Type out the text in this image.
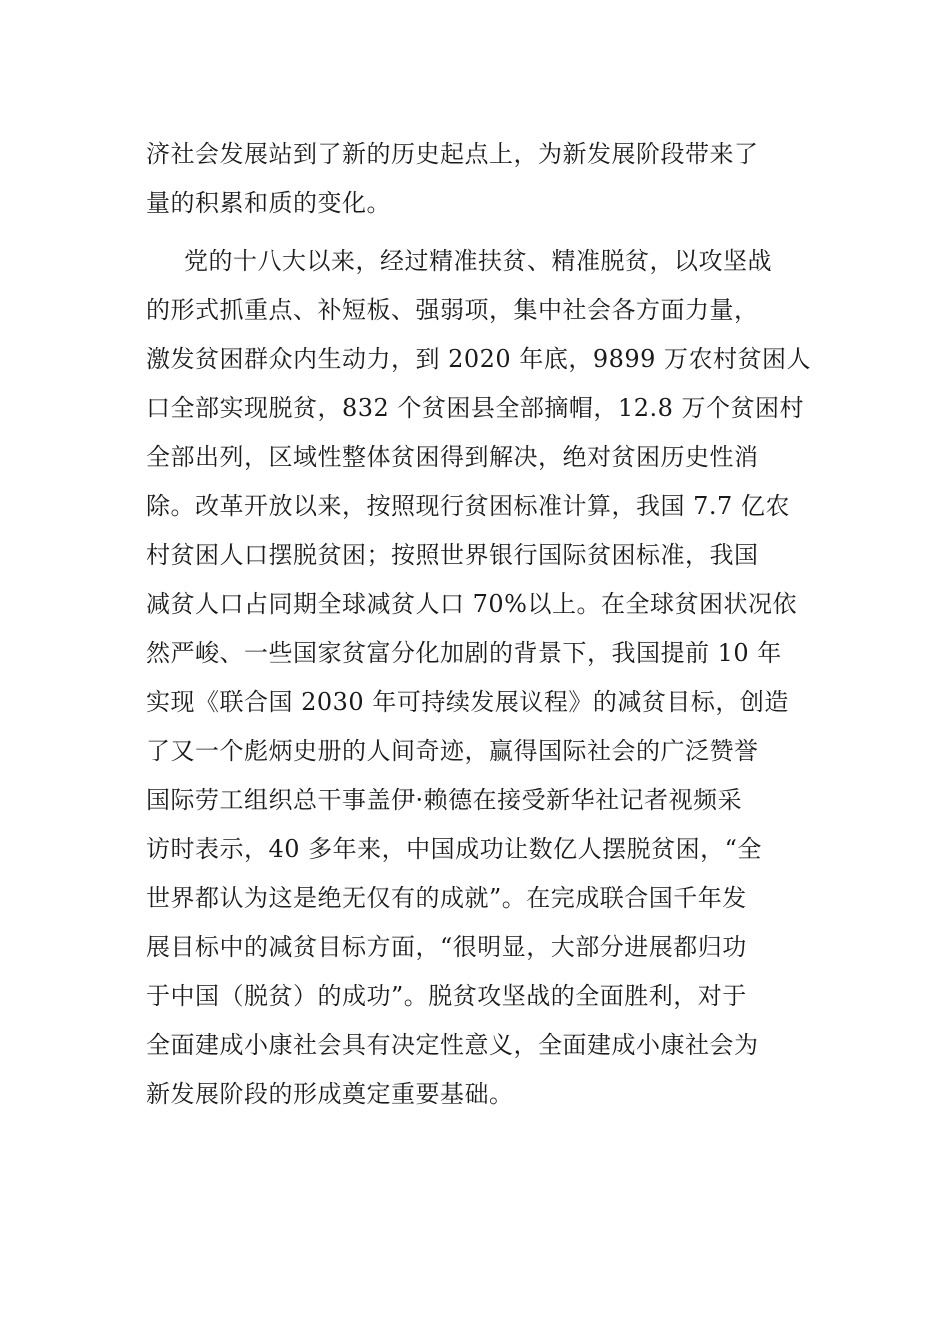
济社会发展站到了新的历史起点上，为新发展阶段带来了
量的积累和质的变化。
党的十八大以来，经过精准扶贫、精准脱贫，以攻坚战
的形式抓重点、补短板、强弱项，集中社会各方面力量，
激发贫困群众内生动力，到 2020 年底，9899 万农村贫困人
口全部实现脱贫，832 个贫困县全部摘帽，12.8 万个贫困村
全部出列，区域性整体贫困得到解决，绝对贫困历史性消
除。改革开放以来，按照现行贫困标准计算，我国 7.7 亿农
村贫困人口摆脱贫困；按照世界银行国际贫困标准，我国
减贫人口占同期全球减贫人口 70%以上。在全球贫困状况依
然严峻、一些国家贫富分化加剧的背景下，我国提前 10 年
实现《联合国 2030 年可持续发展议程》的减贫目标，创造
了又一个彪炳史册的人间奇迹，赢得国际社会的广泛赞誉
国际劳工组织总干事盖伊·赖德在接受新华社记者视频采
访时表示，40 多年来，中国成功让数亿人摆脱贫困，“全
世界都认为这是绝无仅有的成就”。在完成联合国千年发
展目标中的减贫目标方面，“很明显，大部分进展都归功
于中国（脱贫）的成功”。脱贫攻坚战的全面胜利，对于
全面建成小康社会具有决定性意义，全面建成小康社会为
新发展阶段的形成奠定重要基础。
